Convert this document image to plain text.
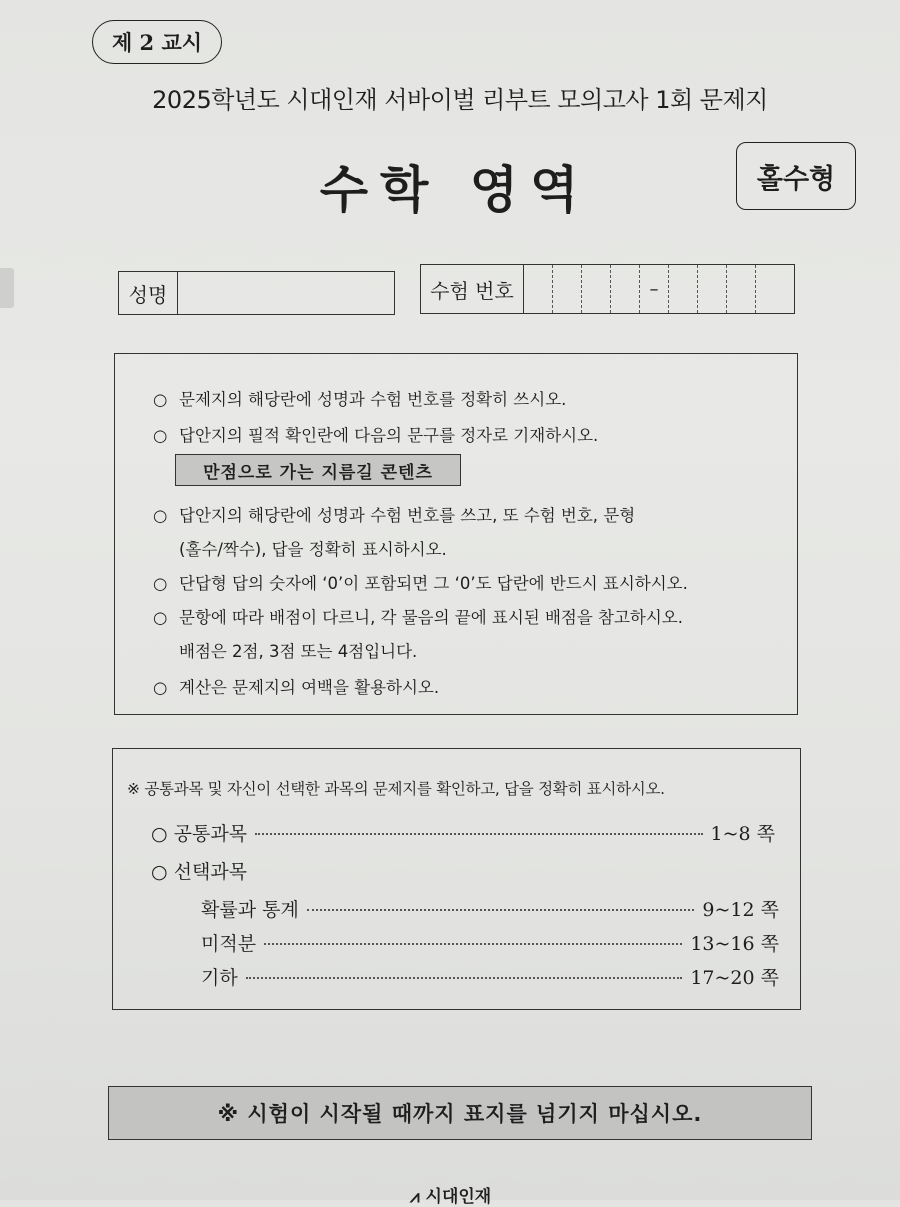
제 2 교시
2025학년도 시대인재 서바이벌 리부트 모의고사 1회 문제지
수학 영역	홀수형
성명	수험 번호	–
○ 문제지의 해당란에 성명과 수험 번호를 정확히 쓰시오.
○ 답안지의 필적 확인란에 다음의 문구를 정자로 기재하시오.
만점으로 가는 지름길 콘텐츠
○ 답안지의 해당란에 성명과 수험 번호를 쓰고, 또 수험 번호, 문형
(홀수/짝수), 답을 정확히 표시하시오.
○ 단답형 답의 숫자에 ‘0’이 포함되면 그 ‘0’도 답란에 반드시 표시하시오.
○ 문항에 따라 배점이 다르니, 각 물음의 끝에 표시된 배점을 참고하시오.
배점은 2점, 3점 또는 4점입니다.
○ 계산은 문제지의 여백을 활용하시오.
※ 공통과목 및 자신이 선택한 과목의 문제지를 확인하고, 답을 정확히 표시하시오.
○ 공통과목	1~8 쪽
○ 선택과목
확률과 통계	9~12 쪽
미적분	13~16 쪽
기하	17~20 쪽
※ 시험이 시작될 때까지 표지를 넘기지 마십시오.
⩘ 시대인재
